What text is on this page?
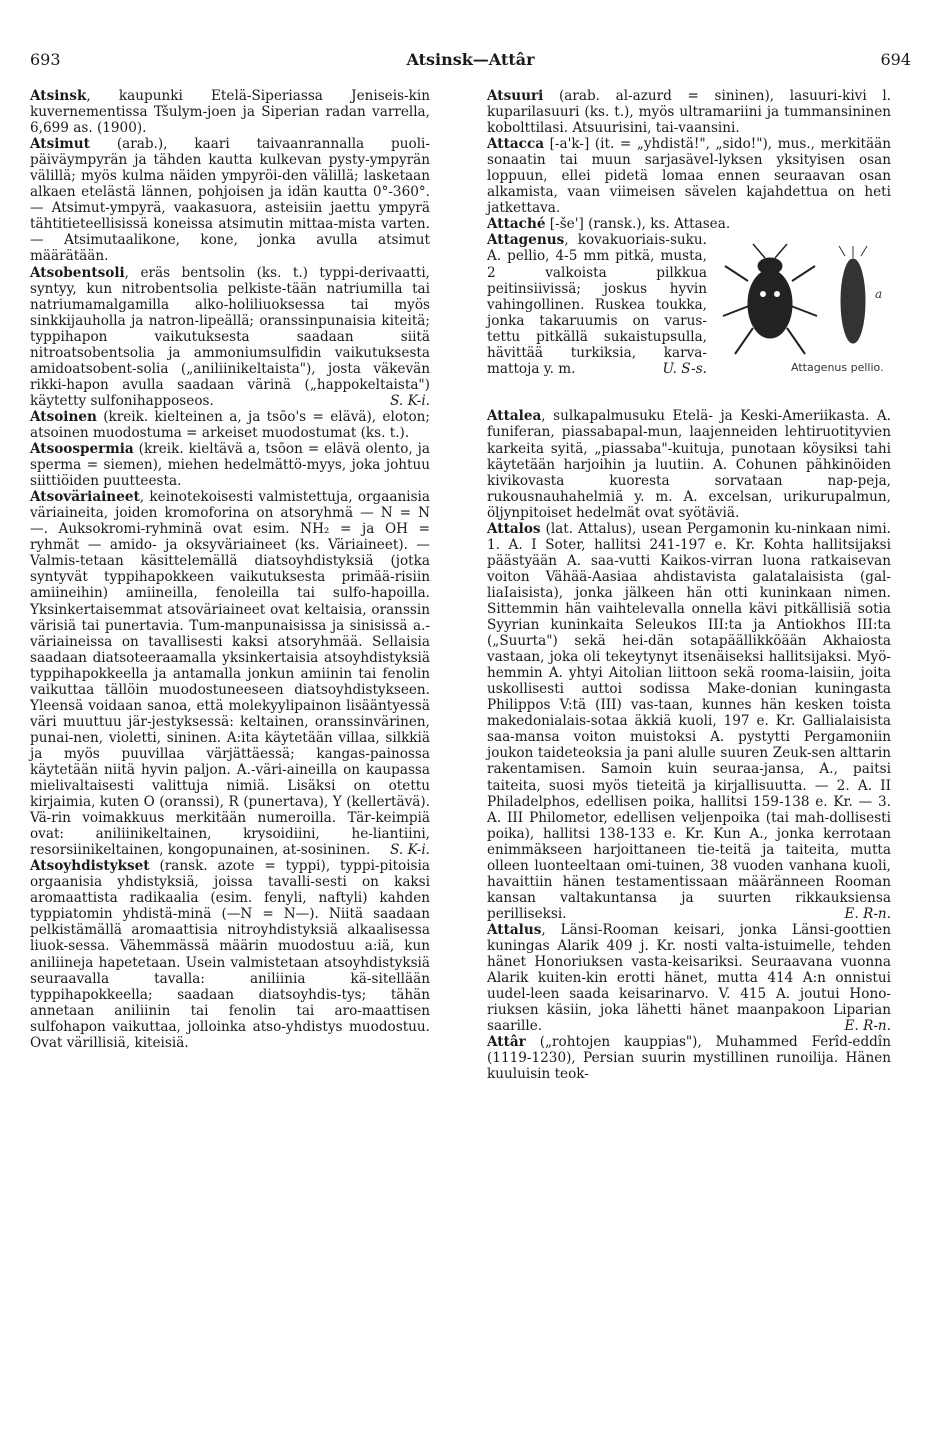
693	Atsinsk—Attâr	694

Atsinsk, kaupunki Etelä-Siperiassa Jeniseis-kin kuvernementissa Tšulym-joen ja Siperian radan varrella, 6,699 as. (1900).

Atsimut (arab.), kaari taivaanrannalla puoli-päiväympyrän ja tähden kautta kulkevan pysty-ympyrän välillä; myös kulma näiden ympyröi-den välillä; lasketaan alkaen etelästä lännen, pohjoisen ja idän kautta 0°-360°. — Atsimut-ympyrä, vaakasuora, asteisiin jaettu ympyrä tähtitieteellisissä koneissa atsimutin mittaa-mista varten. — Atsimutaalikone, kone, jonka avulla atsimut määrätään.

Atsobentsoli, eräs bentsolin (ks. t.) typpi-derivaatti, syntyy, kun nitrobentsolia pelkiste-tään natriumilla tai natriumamalgamilla alko-holiliuoksessa tai myös sinkkijauholla ja natron-lipeällä; oranssinpunaisia kiteitä; typpihapon vaikutuksesta saadaan siitä nitroatsobentsolia ja ammoniumsulfidin vaikutuksesta amidoatsobent-solia („aniliinikeltaista"), josta väkevän rikki-hapon avulla saadaan värinä („happokeltaista") käytetty sulfonihapposeos.	S. K-i.

Atsoinen (kreik. kielteinen a, ja tsōo's = elävä), eloton; atsoinen muodostuma = arkeiset muodostumat (ks. t.).

Atsoospermia (kreik. kieltävä a, tsōon = elävä olento, ja sperma = siemen), miehen hedelmättö-myys, joka johtuu siittiöiden puutteesta.

Atsoväriaineet, keinotekoisesti valmistettuja, orgaanisia väriaineita, joiden kromoforina on atsoryhmä — N = N —. Auksokromi-ryhminä ovat esim. NH₂ = ja OH = ryhmät — amido- ja oksyväriaineet (ks. Väriaineet). — Valmis-tetaan käsittelemällä diatsoyhdistyksiä (jotka syntyvät typpihapokkeen vaikutuksesta primää-risiin amiineihin) amiineilla, fenoleilla tai sulfo-hapoilla. Yksinkertaisemmat atsoväriaineet ovat keltaisia, oranssin värisiä tai punertavia. Tum-manpunaisissa ja sinisissä a.-väriaineissa on tavallisesti kaksi atsoryhmää. Sellaisia saadaan diatsoteeraamalla yksinkertaisia atsoyhdistyksiä typpihapokkeella ja antamalla jonkun amiinin tai fenolin vaikuttaa tällöin muodostuneeseen diatsoyhdistykseen. Yleensä voidaan sanoa, että molekyylipainon lisääntyessä väri muuttuu jär-jestyksessä: keltainen, oranssinvärinen, punai-nen, violetti, sininen. A:ita käytetään villaa, silkkiä ja myös puuvillaa värjättäessä; kangas-painossa käytetään niitä hyvin paljon. A.-väri-aineilla on kaupassa mielivaltaisesti valittuja nimiä. Lisäksi on otettu kirjaimia, kuten O (oranssi), R (punertava), Y (kellertävä). Vä-rin voimakkuus merkitään numeroilla. Tär-keimpiä ovat: aniliinikeltainen, krysoidiini, he-liantiini, resorsiinikeltainen, kongopunainen, at-sosininen. S. K-i.

Atsoyhdistykset (ransk. azote = typpi), typpi-pitoisia orgaanisia yhdistyksiä, joissa tavalli-sesti on kaksi aromaattista radikaalia (esim. fenyli, naftyli) kahden typpiatomin yhdistä-minä (—N = N—). Niitä saadaan pelkistämällä aromaattisia nitroyhdistyksiä alkaalisessa liuok-sessa. Vähemmässä määrin muodostuu a:iä, kun aniliineja hapetetaan. Usein valmistetaan atsoyhdistyksiä seuraavalla tavalla: aniliinia kä-sitellään typpihapokkeella; saadaan diatsoyhdis-tys; tähän annetaan aniliinin tai fenolin tai aro-maattisen sulfohapon vaikuttaa, jolloinka atso-yhdistys muodostuu. Ovat värillisiä, kiteisiä.

Atsuuri (arab. al-azurd = sininen), lasuuri-kivi l. kuparilasuuri (ks. t.), myös ultramariini ja tummansininen kobolttilasi. Atsuurisini, tai-vaansini.

Attacca [-a'k-] (it. = „yhdistä!", „sido!"), mus., merkitään sonaatin tai muun sarjasävel-lyksen yksityisen osan loppuun, ellei pidetä lomaa ennen seuraavan osan alkamista, vaan viimeisen sävelen kajahdettua on heti jatkettava.

Attaché [-še'] (ransk.), ks. Attasea.

a
Attagenus pellio.

Attagenus, kovakuoriais-suku. A. pellio, 4-5 mm pitkä, musta, 2 valkoista pilkkua peitinsiivissä; joskus hyvin vahingollinen. Ruskea toukka, jonka takaruumis on varus-tettu pitkällä sukaistupsulla, hävittää turkiksia, karva-mattoja y. m.	U. S-s.

Attalea, sulkapalmusuku Etelä- ja Keski-Ameriikasta. A. funiferan, piassabapal-mun, laajenneiden lehtiruotityvien karkeita syitä, „piassaba"-kuituja, punotaan köysiksi tahi käytetään harjoihin ja luutiin. A. Cohunen pähkinöiden kivikovasta kuoresta sorvataan nap-peja, rukousnauhahelmiä y. m. A. excelsan, urikurupalmun, öljynpitoiset hedelmät ovat syötäviä.

Attalos (lat. Attalus), usean Pergamonin ku-ninkaan nimi. 1. A. I Soter, hallitsi 241-197 e. Kr. Kohta hallitsijaksi päästyään A. saa-vutti Kaikos-virran luona ratkaisevan voiton Vähää-Aasiaa ahdistavista galatalaisista (gal-liaIaisista), jonka jälkeen hän otti kuninkaan nimen. Sittemmin hän vaihtelevalla onnella kävi pitkällisiä sotia Syyrian kuninkaita Seleukos III:ta ja Antiokhos III:ta („Suurta") sekä hei-dän sotapäällikköään Akhaiosta vastaan, joka oli tekeytynyt itsenäiseksi hallitsijaksi. Myö-hemmin A. yhtyi Aitolian liittoon sekä rooma-laisiin, joita uskollisesti auttoi sodissa Make-donian kuningasta Philippos V:tä (III) vas-taan, kunnes hän kesken toista makedonialais-sotaa äkkiä kuoli, 197 e. Kr. Gallialaisista saa-mansa voiton muistoksi A. pystytti Pergamoniin joukon taideteoksia ja pani alulle suuren Zeuk-sen alttarin rakentamisen. Samoin kuin seuraa-jansa, A., paitsi taiteita, suosi myös tieteitä ja kirjallisuutta. — 2. A. II Philadelphos, edellisen poika, hallitsi 159-138 e. Kr. — 3. A. III Philometor, edellisen veljenpoika (tai mah-dollisesti poika), hallitsi 138-133 e. Kr. Kun A., jonka kerrotaan enimmäkseen harjoittaneen tie-teitä ja taiteita, mutta olleen luonteeltaan omi-tuinen, 38 vuoden vanhana kuoli, havaittiin hänen testamentissaan määränneen Rooman kansan valtakuntansa ja suurten rikkauksiensa perilliseksi.	E. R-n.

Attalus, Länsi-Rooman keisari, jonka Länsi-goottien kuningas Alarik 409 j. Kr. nosti valta-istuimelle, tehden hänet Honoriuksen vasta-keisariksi. Seuraavana vuonna Alarik kuiten-kin erotti hänet, mutta 414 A:n onnistui uudel-leen saada keisarinarvo. V. 415 A. joutui Hono-riuksen käsiin, joka lähetti hänet maanpakoon Liparian saarille.	E. R-n.

Attâr („rohtojen kauppias"), Muhammed Ferîd-eddîn (1119-1230), Persian suurin mystillinen runoilija. Hänen kuuluisin teok-
